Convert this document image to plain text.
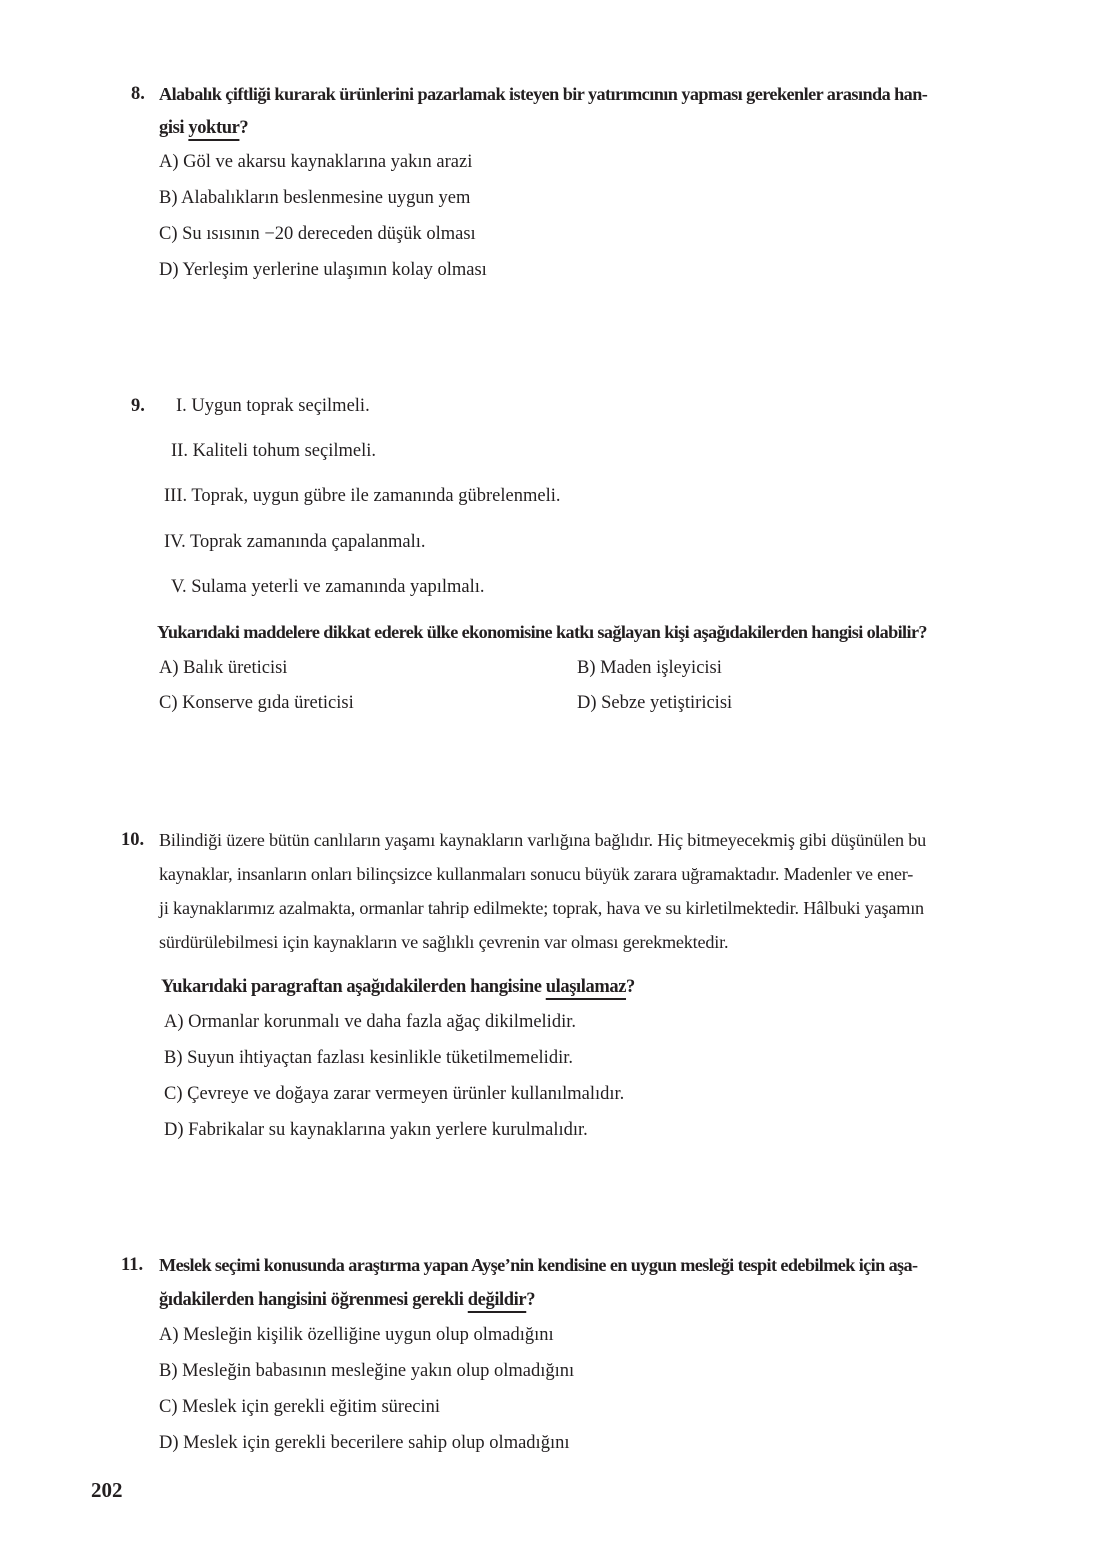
8. Alabalık çiftliği kurarak ürünlerini pazarlamak isteyen bir yatırımcının yapması gerekenler arasında han-
gisi yoktur?
A) Göl ve akarsu kaynaklarına yakın arazi
B) Alabalıkların beslenmesine uygun yem
C) Su ısısının −20 dereceden düşük olması
D) Yerleşim yerlerine ulaşımın kolay olması
9. I. Uygun toprak seçilmeli.
II. Kaliteli tohum seçilmeli.
III. Toprak, uygun gübre ile zamanında gübrelenmeli.
IV. Toprak zamanında çapalanmalı.
V. Sulama yeterli ve zamanında yapılmalı.
Yukarıdaki maddelere dikkat ederek ülke ekonomisine katkı sağlayan kişi aşağıdakilerden hangisi olabilir?
A) Balık üreticisi	B) Maden işleyicisi
C) Konserve gıda üreticisi	D) Sebze yetiştiricisi
10. Bilindiği üzere bütün canlıların yaşamı kaynakların varlığına bağlıdır. Hiç bitmeyecekmiş gibi düşünülen bu
kaynaklar, insanların onları bilinçsizce kullanmaları sonucu büyük zarara uğramaktadır. Madenler ve ener-
ji kaynaklarımız azalmakta, ormanlar tahrip edilmekte; toprak, hava ve su kirletilmektedir. Hâlbuki yaşamın
sürdürülebilmesi için kaynakların ve sağlıklı çevrenin var olması gerekmektedir.
Yukarıdaki paragraftan aşağıdakilerden hangisine ulaşılamaz?
A) Ormanlar korunmalı ve daha fazla ağaç dikilmelidir.
B) Suyun ihtiyaçtan fazlası kesinlikle tüketilmemelidir.
C) Çevreye ve doğaya zarar vermeyen ürünler kullanılmalıdır.
D) Fabrikalar su kaynaklarına yakın yerlere kurulmalıdır.
11. Meslek seçimi konusunda araştırma yapan Ayşe’nin kendisine en uygun mesleği tespit edebilmek için aşa-
ğıdakilerden hangisini öğrenmesi gerekli değildir?
A) Mesleğin kişilik özelliğine uygun olup olmadığını
B) Mesleğin babasının mesleğine yakın olup olmadığını
C) Meslek için gerekli eğitim sürecini
D) Meslek için gerekli becerilere sahip olup olmadığını
202
